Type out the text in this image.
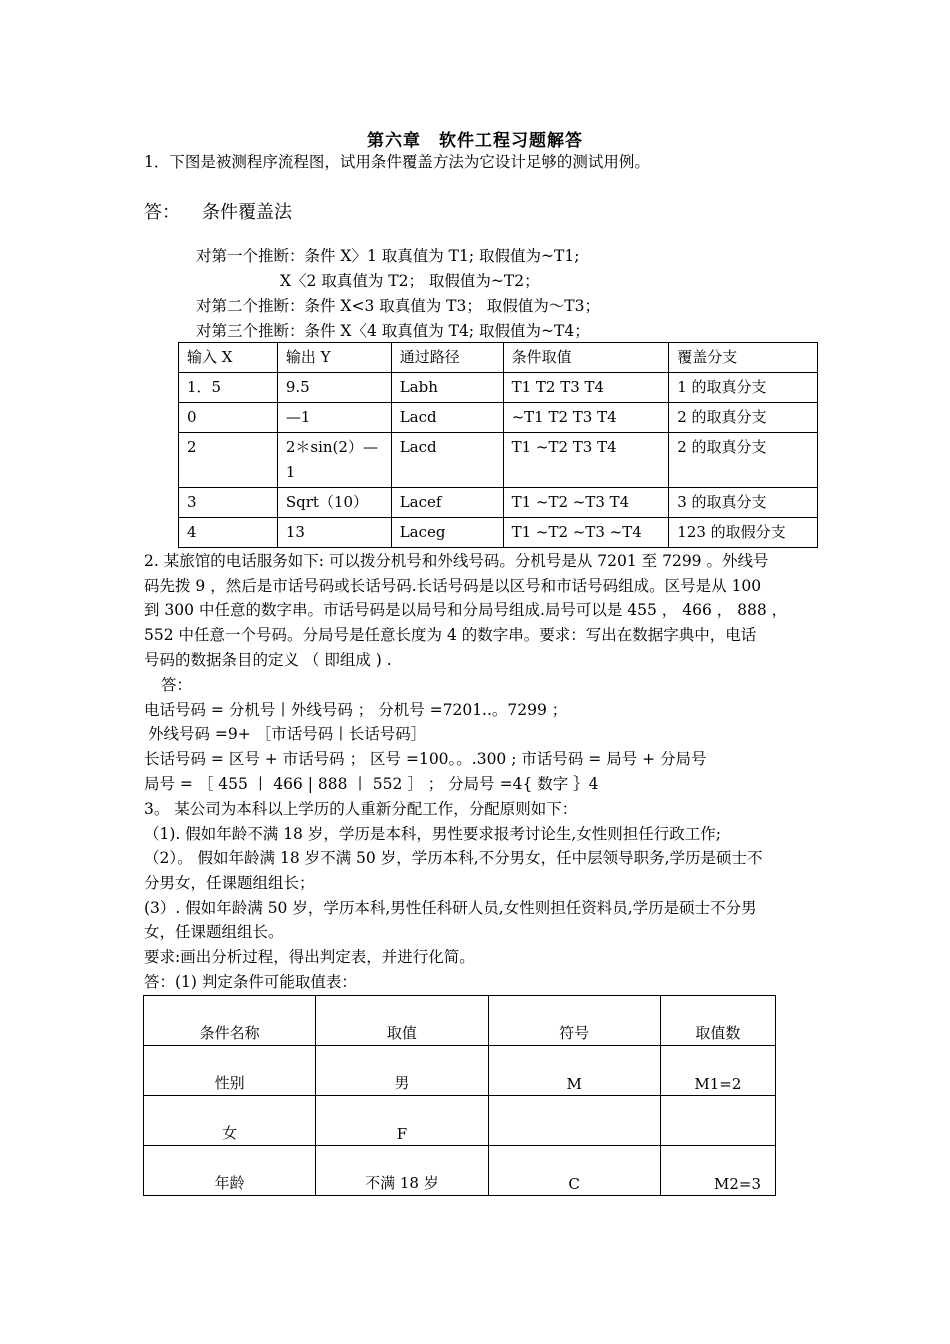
第六章　软件工程习题解答
1．下图是被测程序流程图，试用条件覆盖方法为它设计足够的测试用例。
答： 条件覆盖法
对第一个推断：条件 X〉1 取真值为 T1; 取假值为~T1;
X〈2 取真值为 T2； 取假值为~T2；
对第二个推断：条件 X<3 取真值为 T3； 取假值为～T3；
对第三个推断：条件 X〈4 取真值为 T4; 取假值为~T4；
输入 X	输出 Y	通过路径	条件取值	覆盖分支
1．5	9.5	Labh	T1 T2 T3 T4	1 的取真分支
0	—1	Lacd	~T1 T2 T3 T4	2 的取真分支
2	2＊sin(2）—1	Lacd	T1 ~T2 T3 T4	2 的取真分支
3	Sqrt（10）	Lacef	T1 ~T2 ~T3 T4	3 的取真分支
4	13	Laceg	T1 ~T2 ~T3 ~T4	123 的取假分支
2. 某旅馆的电话服务如下: 可以拨分机号和外线号码。分机号是从 7201 至 7299 。外线号
码先拨 9 ，然后是市话号码或长话号码.长话号码是以区号和市话号码组成。区号是从 100
到 300 中任意的数字串。市话号码是以局号和分局号组成.局号可以是 455 ， 466 ， 888 ，
552 中任意一个号码。分局号是任意长度为 4 的数字串。要求：写出在数据字典中，电话
号码的数据条目的定义 （ 即组成 ) .
答：
电话号码 = 分机号丨外线号码 ； 分机号 =7201..。7299 ；
外线号码 =9+ ［市话号码丨长话号码］
长话号码 = 区号 + 市话号码 ； 区号 =100。。.300 ; 市话号码 = 局号 + 分局号
局号 = ［ 455 丨 466 | 888 丨 552 ］ ； 分局号 =4{ 数字 ｝4
3。 某公司为本科以上学历的人重新分配工作，分配原则如下：
（1). 假如年龄不满 18 岁，学历是本科，男性要求报考讨论生,女性则担任行政工作;
（2）。 假如年龄满 18 岁不满 50 岁，学历本科,不分男女，任中层领导职务,学历是硕士不
分男女，任课题组组长；
(3）. 假如年龄满 50 岁，学历本科,男性任科研人员,女性则担任资料员,学历是硕士不分男
女，任课题组组长。
要求:画出分析过程，得出判定表，并进行化简。
答：(1) 判定条件可能取值表：
条件名称	取值	符号	取值数
性别	男	M	M1=2
女	F		
年龄	不满 18 岁	C	M2=3
